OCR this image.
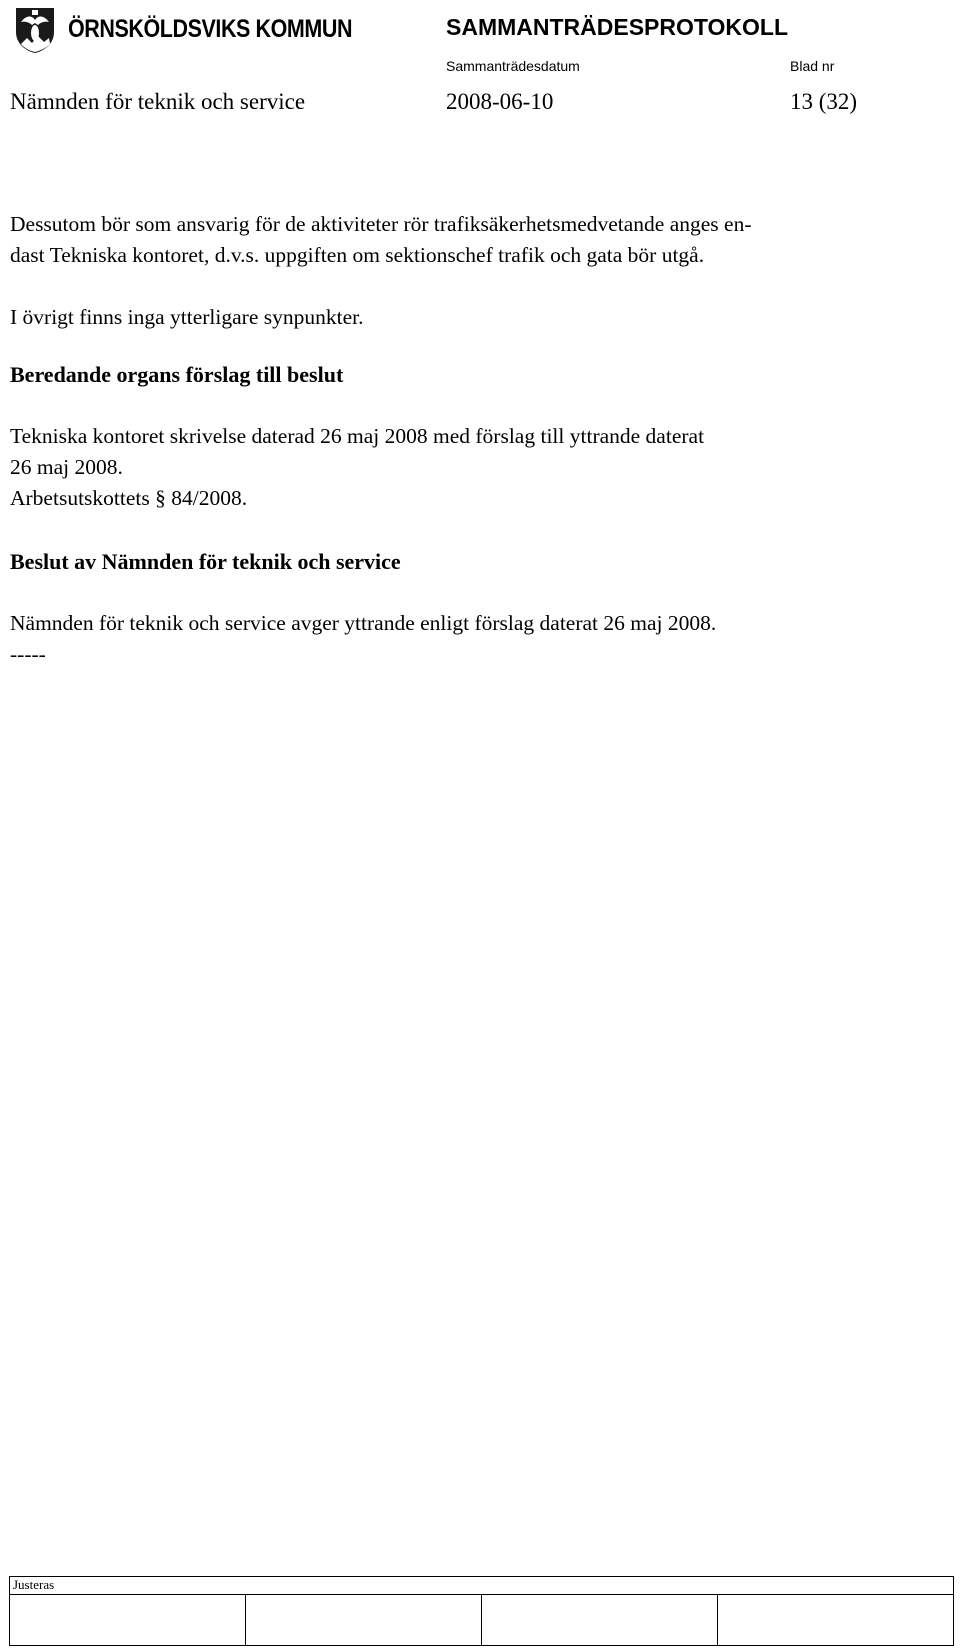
ÖRNSKÖLDSVIKS KOMMUN	SAMMANTRÄDESPROTOKOLL
Sammanträdesdatum	Blad nr
Nämnden för teknik och service	2008-06-10	13 (32)

Dessutom bör som ansvarig för de aktiviteter rör trafiksäkerhetsmedvetande anges en-

dast Tekniska kontoret, d.v.s. uppgiften om sektionschef trafik och gata bör utgå.

I övrigt finns inga ytterligare synpunkter.

Beredande organs förslag till beslut

Tekniska kontoret skrivelse daterad 26 maj 2008 med förslag till yttrande daterat

26 maj 2008.

Arbetsutskottets § 84/2008.

Beslut av Nämnden för teknik och service

Nämnden för teknik och service avger yttrande enligt förslag daterat 26 maj 2008.

-----

Justeras
